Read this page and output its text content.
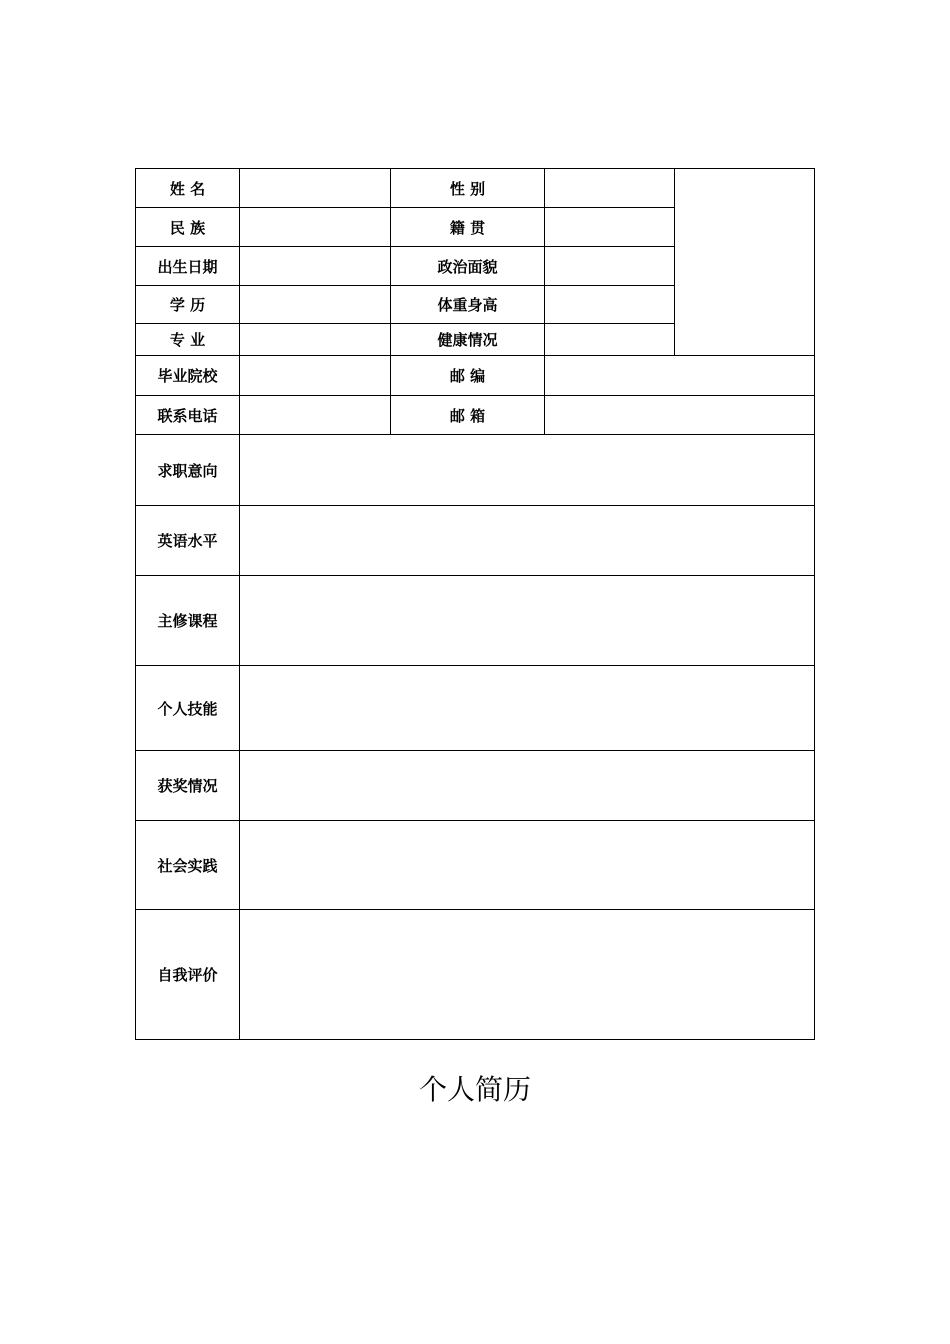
姓 名		性 别		
民 族		籍 贯		
出生日期		政治面貌		
学 历		体重身高		
专 业		健康情况		
毕业院校		邮 编		
联系电话		邮 箱		
求职意向				
英语水平				
主修课程				
个人技能				
获奖情况				
社会实践				
自我评价				
个人简历
